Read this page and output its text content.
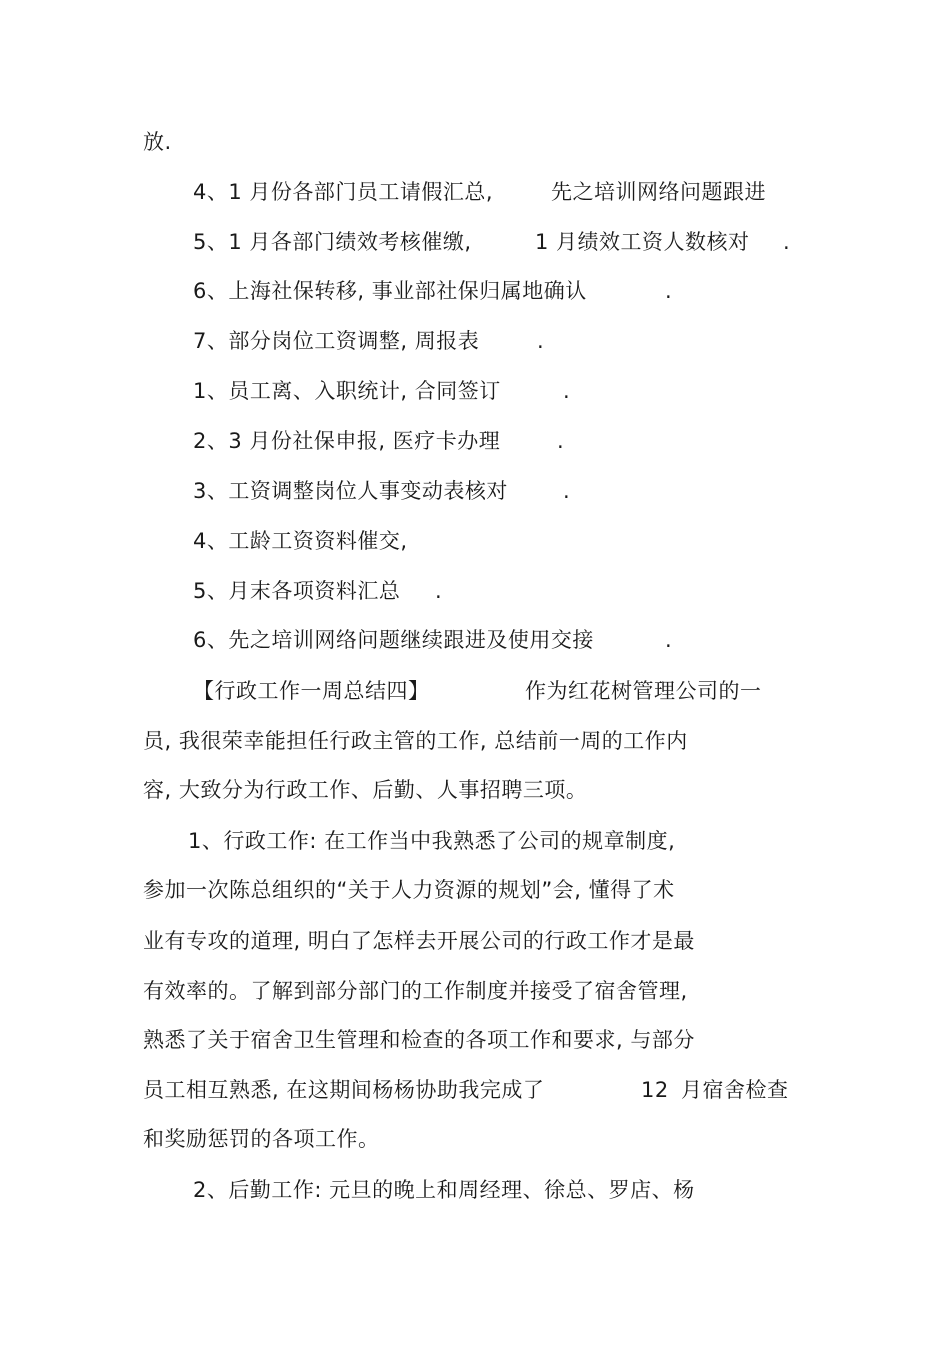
放.
4、1 月份各部门员工请假汇总,	先之培训网络问题跟进
5、1 月各部门绩效考核催缴,	1 月绩效工资人数核对 .
6、上海社保转移, 事业部社保归属地确认	.
7、部分岗位工资调整, 周报表	.
1、员工离、入职统计, 合同签订	.
2、3 月份社保申报, 医疗卡办理	.
3、工资调整岗位人事变动表核对	.
4、工龄工资资料催交,
5、月末各项资料汇总 .
6、先之培训网络问题继续跟进及使用交接	.
【行政工作一周总结四】	作为红花树管理公司的一
员, 我很荣幸能担任行政主管的工作, 总结前一周的工作内
容, 大致分为行政工作、后勤、人事招聘三项。
1、行政工作: 在工作当中我熟悉了公司的规章制度,
参加一次陈总组织的“关于人力资源的规划”会, 懂得了术
业有专攻的道理, 明白了怎样去开展公司的行政工作才是最
有效率的。了解到部分部门的工作制度并接受了宿舍管理,
熟悉了关于宿舍卫生管理和检查的各项工作和要求, 与部分
员工相互熟悉, 在这期间杨杨协助我完成了	12 月宿舍检查
和奖励惩罚的各项工作。
2、后勤工作: 元旦的晚上和周经理、徐总、罗店、杨
